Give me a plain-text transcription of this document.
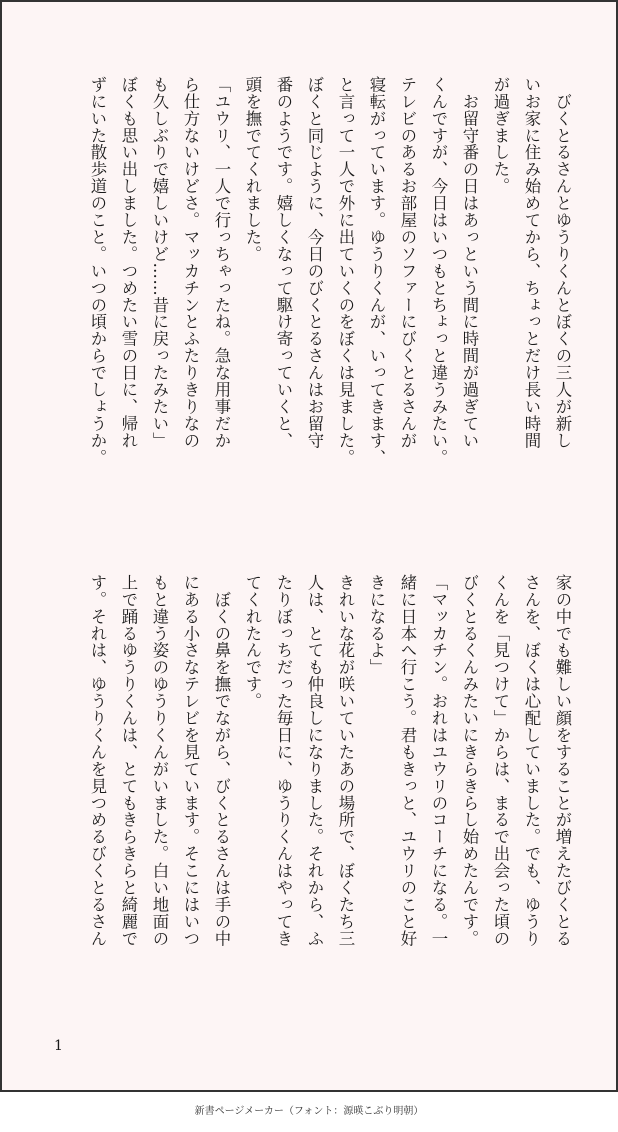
　びくとるさんとゆうりくんとぼくの三人が新し
いお家に住み始めてから、ちょっとだけ長い時間
が過ぎました。
　お留守番の日はあっという間に時間が過ぎてい
くんですが、今日はいつもとちょっと違うみたい。
テレビのあるお部屋のソファーにびくとるさんが
寝転がっています。ゆうりくんが、いってきます、
と言って一人で外に出ていくのをぼくは見ました。
ぼくと同じように、今日のびくとるさんはお留守
番のようです。嬉しくなって駆け寄っていくと、
頭を撫でてくれました。
「ユウリ、一人で行っちゃったね。急な用事だか
ら仕方ないけどさ。マッカチンとふたりきりなの
も久しぶりで嬉しいけど……昔に戻ったみたい」
ぼくも思い出しました。つめたい雪の日に、帰れ
ずにいた散歩道のこと。いつの頃からでしょうか。
家の中でも難しい顔をすることが増えたびくとる
さんを、ぼくは心配していました。でも、ゆうり
くんを「見つけて」からは、まるで出会った頃の
びくとるくんみたいにきらきらし始めたんです。
「マッカチン。おれはユウリのコーチになる。一
緒に日本へ行こう。君もきっと、ユウリのこと好
きになるよ」
きれいな花が咲いていたあの場所で、ぼくたち三
人は、とても仲良しになりました。それから、ふ
たりぼっちだった毎日に、ゆうりくんはやってき
てくれたんです。
　ぼくの鼻を撫でながら、びくとるさんは手の中
にある小さなテレビを見ています。そこにはいつ
もと違う姿のゆうりくんがいました。白い地面の
上で踊るゆうりくんは、とてもきらきらと綺麗で
す。それは、ゆうりくんを見つめるびくとるさん
1
新書ページメーカー（フォント：源暎こぶり明朝）
